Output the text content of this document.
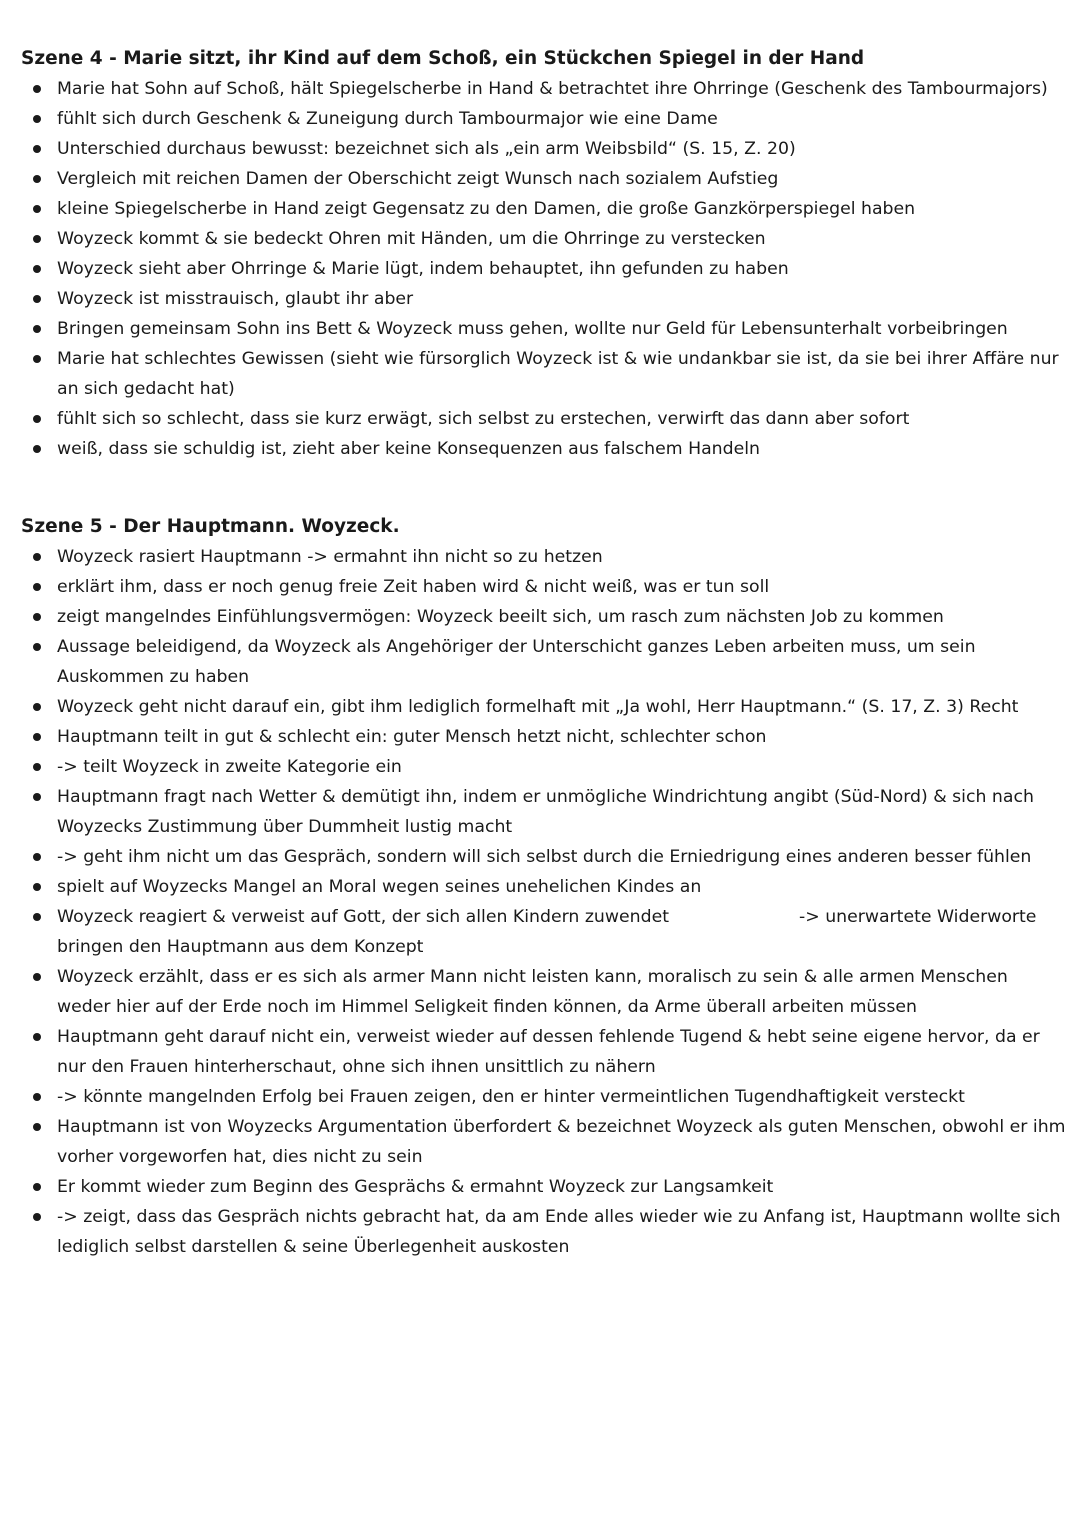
Szene 4 - Marie sitzt, ihr Kind auf dem Schoß, ein Stückchen Spiegel in der Hand
Marie hat Sohn auf Schoß, hält Spiegelscherbe in Hand & betrachtet ihre Ohrringe (Geschenk des Tambourmajors)
fühlt sich durch Geschenk & Zuneigung durch Tambourmajor wie eine Dame
Unterschied durchaus bewusst: bezeichnet sich als „ein arm Weibsbild“ (S. 15, Z. 20)
Vergleich mit reichen Damen der Oberschicht zeigt Wunsch nach sozialem Aufstieg
kleine Spiegelscherbe in Hand zeigt Gegensatz zu den Damen, die große Ganzkörperspiegel haben
Woyzeck kommt & sie bedeckt Ohren mit Händen, um die Ohrringe zu verstecken
Woyzeck sieht aber Ohrringe & Marie lügt, indem behauptet, ihn gefunden zu haben
Woyzeck ist misstrauisch, glaubt ihr aber
Bringen gemeinsam Sohn ins Bett & Woyzeck muss gehen, wollte nur Geld für Lebensunterhalt vorbeibringen
Marie hat schlechtes Gewissen (sieht wie fürsorglich Woyzeck ist & wie undankbar sie ist, da sie bei ihrer Affäre nur an sich gedacht hat)
fühlt sich so schlecht, dass sie kurz erwägt, sich selbst zu erstechen, verwirft das dann aber sofort
weiß, dass sie schuldig ist, zieht aber keine Konsequenzen aus falschem Handeln
Szene 5 - Der Hauptmann. Woyzeck.
Woyzeck rasiert Hauptmann -> ermahnt ihn nicht so zu hetzen
erklärt ihm, dass er noch genug freie Zeit haben wird & nicht weiß, was er tun soll
zeigt mangelndes Einfühlungsvermögen: Woyzeck beeilt sich, um rasch zum nächsten Job zu kommen
Aussage beleidigend, da Woyzeck als Angehöriger der Unterschicht ganzes Leben arbeiten muss, um sein Auskommen zu haben
Woyzeck geht nicht darauf ein, gibt ihm lediglich formelhaft mit „Ja wohl, Herr Hauptmann.“ (S. 17, Z. 3) Recht
Hauptmann teilt in gut & schlecht ein: guter Mensch hetzt nicht, schlechter schon
-> teilt Woyzeck in zweite Kategorie ein
Hauptmann fragt nach Wetter & demütigt ihn, indem er unmögliche Windrichtung angibt (Süd-Nord) & sich nach Woyzecks Zustimmung über Dummheit lustig macht
-> geht ihm nicht um das Gespräch, sondern will sich selbst durch die Erniedrigung eines anderen besser fühlen
spielt auf Woyzecks Mangel an Moral wegen seines unehelichen Kindes an
Woyzeck reagiert & verweist auf Gott, der sich allen Kindern zuwendet	-> unerwartete Widerworte bringen den Hauptmann aus dem Konzept
Woyzeck erzählt, dass er es sich als armer Mann nicht leisten kann, moralisch zu sein & alle armen Menschen weder hier auf der Erde noch im Himmel Seligkeit finden können, da Arme überall arbeiten müssen
Hauptmann geht darauf nicht ein, verweist wieder auf dessen fehlende Tugend & hebt seine eigene hervor, da er nur den Frauen hinterherschaut, ohne sich ihnen unsittlich zu nähern
-> könnte mangelnden Erfolg bei Frauen zeigen, den er hinter vermeintlichen Tugendhaftigkeit versteckt
Hauptmann ist von Woyzecks Argumentation überfordert & bezeichnet Woyzeck als guten Menschen, obwohl er ihm vorher vorgeworfen hat, dies nicht zu sein
Er kommt wieder zum Beginn des Gesprächs & ermahnt Woyzeck zur Langsamkeit
-> zeigt, dass das Gespräch nichts gebracht hat, da am Ende alles wieder wie zu Anfang ist, Hauptmann wollte sich lediglich selbst darstellen & seine Überlegenheit auskosten
